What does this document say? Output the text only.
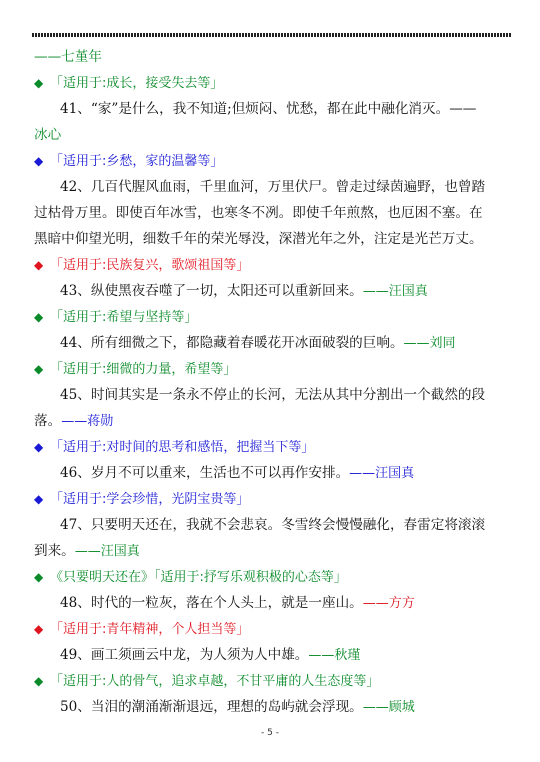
——七堇年
◆ 「适用于:成长，接受失去等」
41、“家”是什么，我不知道;但烦闷、忧愁，都在此中融化消灭。——
冰心
◆ 「适用于:乡愁，家的温馨等」
42、几百代腥风血雨，千里血河，万里伏尸。曾走过绿茵遍野，也曾踏
过枯骨万里。即使百年冰雪，也寒冬不冽。即使千年煎熬，也厄困不塞。在
黑暗中仰望光明，细数千年的荣光辱没，深潜光年之外，注定是光芒万丈。
◆ 「适用于:民族复兴，歌颂祖国等」
43、纵使黑夜吞噬了一切，太阳还可以重新回来。——汪国真
◆ 「适用于:希望与坚持等」
44、所有细微之下，都隐藏着春暖花开冰面破裂的巨响。——刘同
◆ 「适用于:细微的力量，希望等」
45、时间其实是一条永不停止的长河，无法从其中分割出一个截然的段
落。——蒋勋
◆ 「适用于:对时间的思考和感悟，把握当下等」
46、岁月不可以重来，生活也不可以再作安排。——汪国真
◆ 「适用于:学会珍惜，光阴宝贵等」
47、只要明天还在，我就不会悲哀。冬雪终会慢慢融化，春雷定将滚滚
到来。——汪国真
◆ 《只要明天还在》「适用于:抒写乐观积极的心态等」
48、时代的一粒灰，落在个人头上，就是一座山。——方方
◆ 「适用于:青年精神，个人担当等」
49、画工须画云中龙，为人须为人中雄。——秋瑾
◆ 「适用于:人的骨气，追求卓越，不甘平庸的人生态度等」
50、当泪的潮涌渐渐退远，理想的岛屿就会浮现。——顾城
- 5 -
